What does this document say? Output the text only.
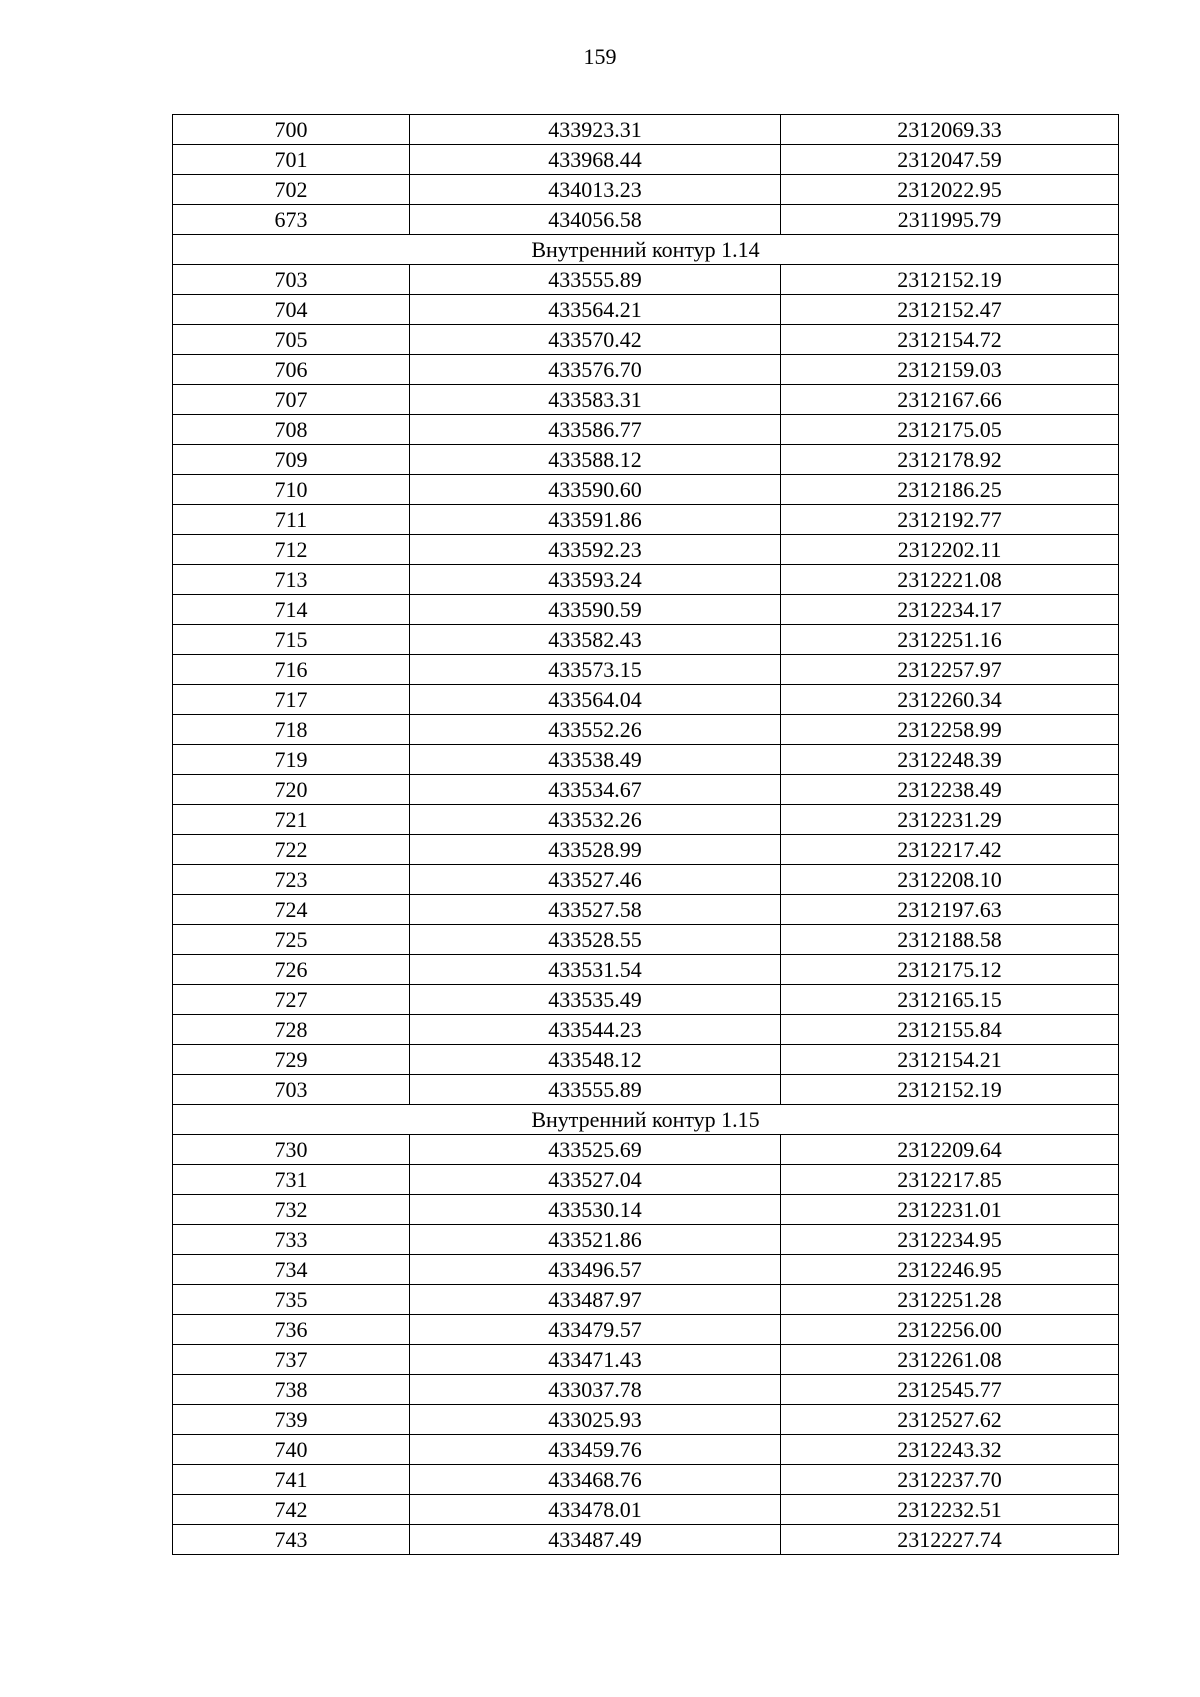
159
700	433923.31	2312069.33
701	433968.44	2312047.59
702	434013.23	2312022.95
673	434056.58	2311995.79
Внутренний контур 1.14		
703	433555.89	2312152.19
704	433564.21	2312152.47
705	433570.42	2312154.72
706	433576.70	2312159.03
707	433583.31	2312167.66
708	433586.77	2312175.05
709	433588.12	2312178.92
710	433590.60	2312186.25
711	433591.86	2312192.77
712	433592.23	2312202.11
713	433593.24	2312221.08
714	433590.59	2312234.17
715	433582.43	2312251.16
716	433573.15	2312257.97
717	433564.04	2312260.34
718	433552.26	2312258.99
719	433538.49	2312248.39
720	433534.67	2312238.49
721	433532.26	2312231.29
722	433528.99	2312217.42
723	433527.46	2312208.10
724	433527.58	2312197.63
725	433528.55	2312188.58
726	433531.54	2312175.12
727	433535.49	2312165.15
728	433544.23	2312155.84
729	433548.12	2312154.21
703	433555.89	2312152.19
Внутренний контур 1.15		
730	433525.69	2312209.64
731	433527.04	2312217.85
732	433530.14	2312231.01
733	433521.86	2312234.95
734	433496.57	2312246.95
735	433487.97	2312251.28
736	433479.57	2312256.00
737	433471.43	2312261.08
738	433037.78	2312545.77
739	433025.93	2312527.62
740	433459.76	2312243.32
741	433468.76	2312237.70
742	433478.01	2312232.51
743	433487.49	2312227.74
